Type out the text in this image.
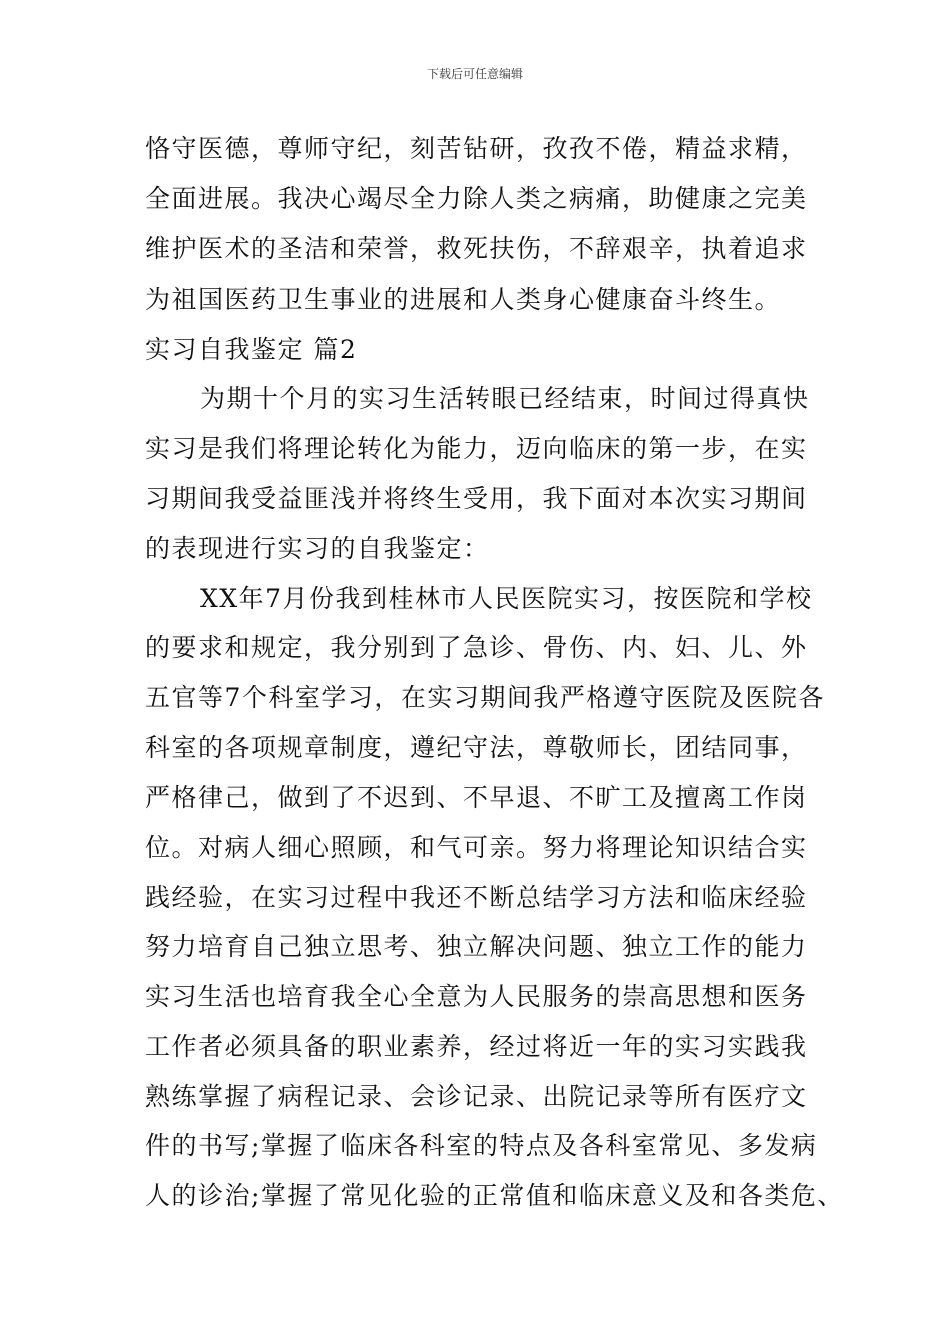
下载后可任意编辑
恪守医德，尊师守纪，刻苦钻研，孜孜不倦，精益求精，
全面进展。我决心竭尽全力除人类之病痛，助健康之完美
维护医术的圣洁和荣誉，救死扶伤，不辞艰辛，执着追求
为祖国医药卫生事业的进展和人类身心健康奋斗终生。
实习自我鉴定 篇2
为期十个月的实习生活转眼已经结束，时间过得真快
实习是我们将理论转化为能力，迈向临床的第一步，在实
习期间我受益匪浅并将终生受用，我下面对本次实习期间
的表现进行实习的自我鉴定：
XX年7月份我到桂林市人民医院实习，按医院和学校
的要求和规定，我分别到了急诊、骨伤、内、妇、儿、外
五官等7个科室学习，在实习期间我严格遵守医院及医院各
科室的各项规章制度，遵纪守法，尊敬师长，团结同事，
严格律己，做到了不迟到、不早退、不旷工及擅离工作岗
位。对病人细心照顾，和气可亲。努力将理论知识结合实
践经验，在实习过程中我还不断总结学习方法和临床经验
努力培育自己独立思考、独立解决问题、独立工作的能力
实习生活也培育我全心全意为人民服务的崇高思想和医务
工作者必须具备的职业素养，经过将近一年的实习实践我
熟练掌握了病程记录、会诊记录、出院记录等所有医疗文
件的书写;掌握了临床各科室的特点及各科室常见、多发病
人的诊治;掌握了常见化验的正常值和临床意义及和各类危、
